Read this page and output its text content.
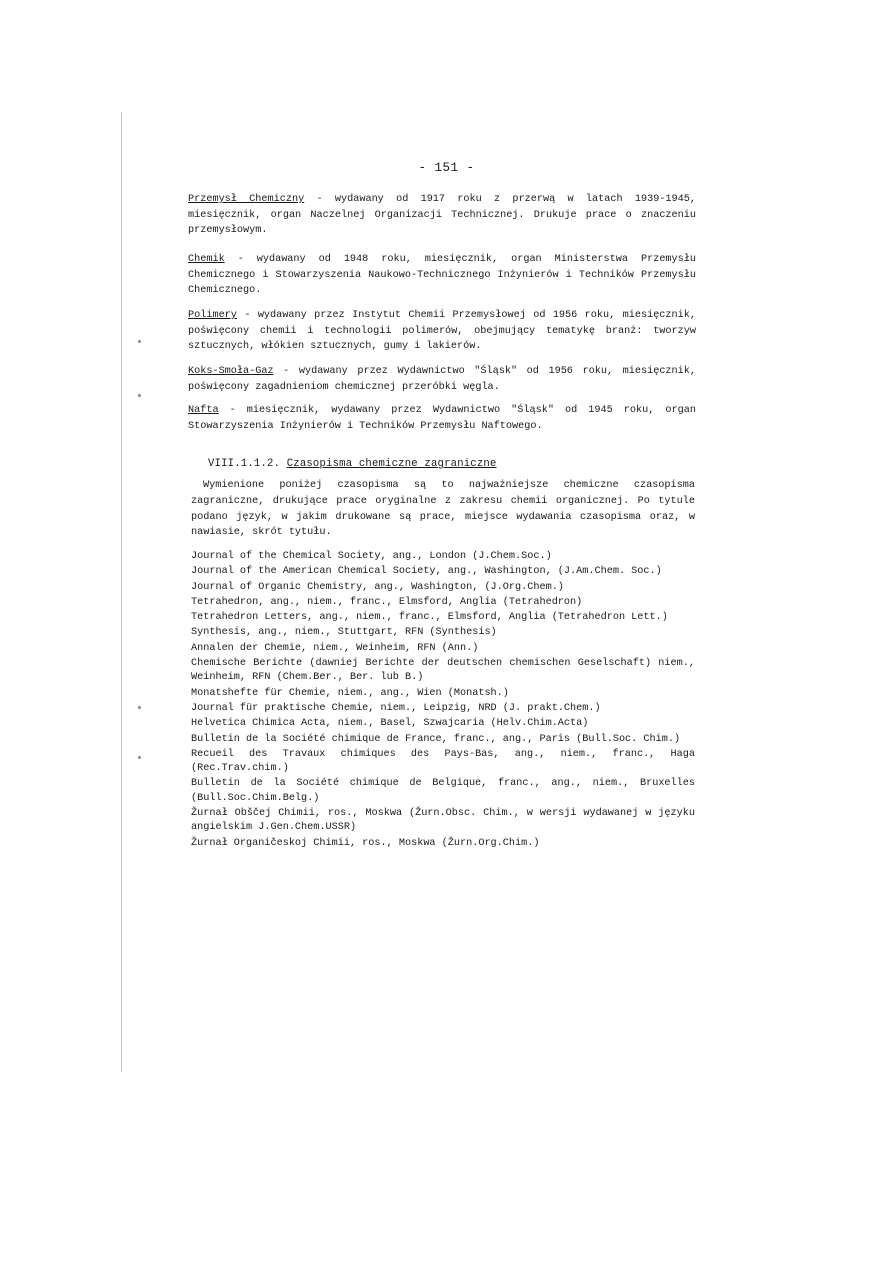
- 151 -

Przemysł Chemiczny - wydawany od 1917 roku z przerwą w latach 1939-1945, miesięcznik, organ Naczelnej Organizacji Technicznej. Drukuje prace o znaczeniu przemysłowym.

Chemik - wydawany od 1948 roku, miesięcznik, organ Ministerstwa Przemysłu Chemicznego i Stowarzyszenia Naukowo-Technicznego Inżynierów i Techników Przemysłu Chemicznego.

Polimery - wydawany przez Instytut Chemii Przemysłowej od 1956 roku, miesięcznik, poświęcony chemii i technologii polimerów, obejmujący tematykę branż: tworzyw sztucznych, włókien sztucznych, gumy i lakierów.

Koks-Smoła-Gaz - wydawany przez Wydawnictwo "Śląsk" od 1956 roku, miesięcznik, poświęcony zagadnieniom chemicznej przeróbki węgla.

Nafta - miesięcznik, wydawany przez Wydawnictwo "Śląsk" od 1945 roku, organ Stowarzyszenia Inżynierów i Techników Przemysłu Naftowego.

VIII.1.1.2. Czasopisma chemiczne zagraniczne

Wymienione poniżej czasopisma są to najważniejsze chemiczne czasopisma zagraniczne, drukujące prace oryginalne z zakresu chemii organicznej. Po tytule podano język, w jakim drukowane są prace, miejsce wydawania czasopisma oraz, w nawiasie, skrót tytułu.

Journal of the Chemical Society, ang., London (J.Chem.Soc.)
Journal of the American Chemical Society, ang., Washington, (J.Am.Chem. Soc.)
Journal of Organic Chemistry, ang., Washington, (J.Org.Chem.)
Tetrahedron, ang., niem., franc., Elmsford, Anglia (Tetrahedron)
Tetrahedron Letters, ang., niem., franc., Elmsford, Anglia (Tetrahedron Lett.)
Synthesis, ang., niem., Stuttgart, RFN (Synthesis)
Annalen der Chemie, niem., Weinheim, RFN (Ann.)
Chemische Berichte (dawniej Berichte der deutschen chemischen Geselschaft) niem., Weinheim, RFN (Chem.Ber., Ber. lub B.)
Monatshefte für Chemie, niem., ang., Wien (Monatsh.)
Journal für praktische Chemie, niem., Leipzig, NRD (J. prakt.Chem.)
Helvetica Chimica Acta, niem., Basel, Szwajcaria (Helv.Chim.Acta)
Bulletin de la Société chimique de France, franc., ang., Paris (Bull.Soc. Chim.)
Recueil des Travaux chimiques des Pays-Bas, ang., niem., franc., Haga (Rec.Trav.chim.)
Bulletin de la Société chimique de Belgique, franc., ang., niem., Bruxelles (Bull.Soc.Chim.Belg.)
Žurnał Obščej Chimii, ros., Moskwa (Žurn.Obsc. Chim., w wersji wydawanej w języku angielskim J.Gen.Chem.USSR)
Žurnał Organičeskoj Chimii, ros., Moskwa (Žurn.Org.Chim.)
